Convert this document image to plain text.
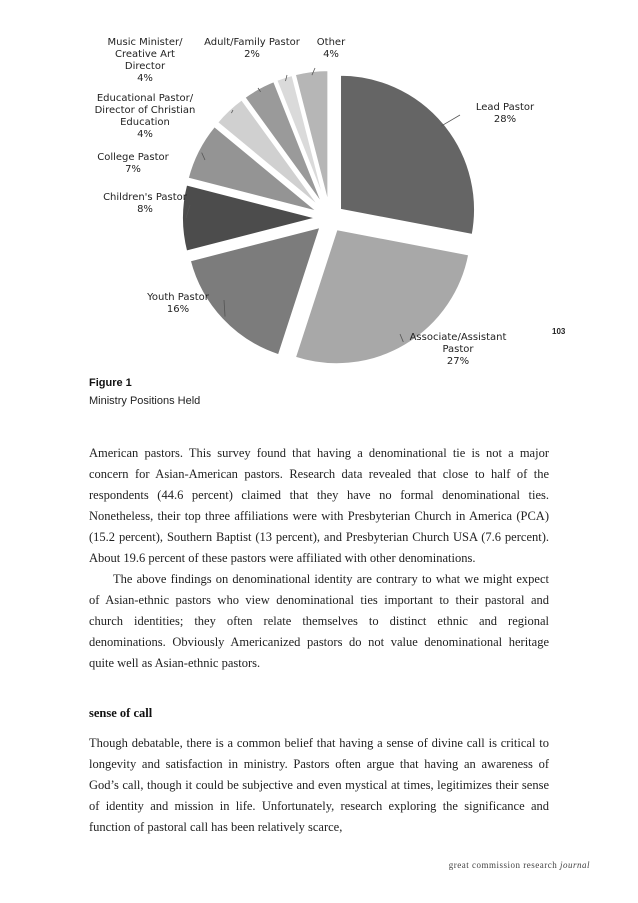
Lead Pastor 28%
Associate/Assistant Pastor 27%
Youth Pastor 16%
Children's Pastor 8%
College Pastor 7%
Educational Pastor/ Director of Christian Education 4%
Music Minister/ Creative Art Director 4%
Adult/Family Pastor 2%
Other 4%
103
Figure 1
Ministry Positions Held

American pastors. This survey found that having a denominational tie is not a major concern for Asian-American pastors. Research data revealed that close to half of the respondents (44.6 percent) claimed that they have no formal denominational ties. Nonetheless, their top three affiliations were with Presbyterian Church in America (PCA) (15.2 percent), Southern Baptist (13 percent), and Presbyterian Church USA (7.6 percent). About 19.6 percent of these pastors were affiliated with other denominations.

The above findings on denominational identity are contrary to what we might expect of Asian-ethnic pastors who view denominational ties important to their pastoral and church identities; they often relate themselves to distinct ethnic and regional denominations. Obviously Americanized pastors do not value denominational heritage quite well as Asian-ethnic pastors.

sense of call

Though debatable, there is a common belief that having a sense of divine call is critical to longevity and satisfaction in ministry. Pastors often argue that having an awareness of God’s call, though it could be subjective and even mystical at times, legitimizes their sense of identity and mission in life. Unfortunately, research exploring the significance and function of pastoral call has been relatively scarce,

great commission research journal
